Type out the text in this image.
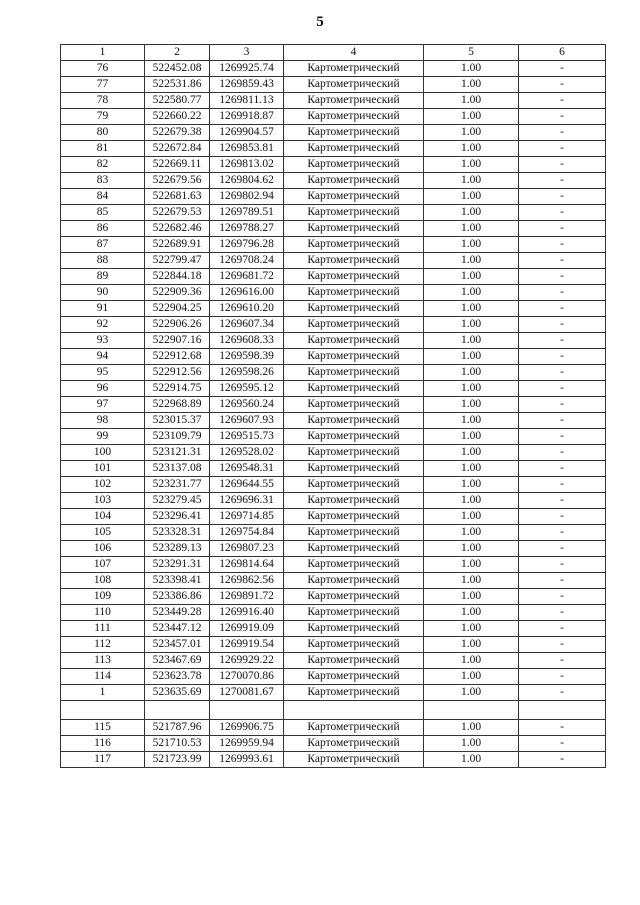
5
1	2	3	4	5	6
76	522452.08	1269925.74	Картометрический	1.00	-
77	522531.86	1269859.43	Картометрический	1.00	-
78	522580.77	1269811.13	Картометрический	1.00	-
79	522660.22	1269918.87	Картометрический	1.00	-
80	522679.38	1269904.57	Картометрический	1.00	-
81	522672.84	1269853.81	Картометрический	1.00	-
82	522669.11	1269813.02	Картометрический	1.00	-
83	522679.56	1269804.62	Картометрический	1.00	-
84	522681.63	1269802.94	Картометрический	1.00	-
85	522679.53	1269789.51	Картометрический	1.00	-
86	522682.46	1269788.27	Картометрический	1.00	-
87	522689.91	1269796.28	Картометрический	1.00	-
88	522799.47	1269708.24	Картометрический	1.00	-
89	522844.18	1269681.72	Картометрический	1.00	-
90	522909.36	1269616.00	Картометрический	1.00	-
91	522904.25	1269610.20	Картометрический	1.00	-
92	522906.26	1269607.34	Картометрический	1.00	-
93	522907.16	1269608.33	Картометрический	1.00	-
94	522912.68	1269598.39	Картометрический	1.00	-
95	522912.56	1269598.26	Картометрический	1.00	-
96	522914.75	1269595.12	Картометрический	1.00	-
97	522968.89	1269560.24	Картометрический	1.00	-
98	523015.37	1269607.93	Картометрический	1.00	-
99	523109.79	1269515.73	Картометрический	1.00	-
100	523121.31	1269528.02	Картометрический	1.00	-
101	523137.08	1269548.31	Картометрический	1.00	-
102	523231.77	1269644.55	Картометрический	1.00	-
103	523279.45	1269696.31	Картометрический	1.00	-
104	523296.41	1269714.85	Картометрический	1.00	-
105	523328.31	1269754.84	Картометрический	1.00	-
106	523289.13	1269807.23	Картометрический	1.00	-
107	523291.31	1269814.64	Картометрический	1.00	-
108	523398.41	1269862.56	Картометрический	1.00	-
109	523386.86	1269891.72	Картометрический	1.00	-
110	523449.28	1269916.40	Картометрический	1.00	-
111	523447.12	1269919.09	Картометрический	1.00	-
112	523457.01	1269919.54	Картометрический	1.00	-
113	523467.69	1269929.22	Картометрический	1.00	-
114	523623.78	1270070.86	Картометрический	1.00	-
1	523635.69	1270081.67	Картометрический	1.00	-

115	521787.96	1269906.75	Картометрический	1.00	-
116	521710.53	1269959.94	Картометрический	1.00	-
117	521723.99	1269993.61	Картометрический	1.00	-
